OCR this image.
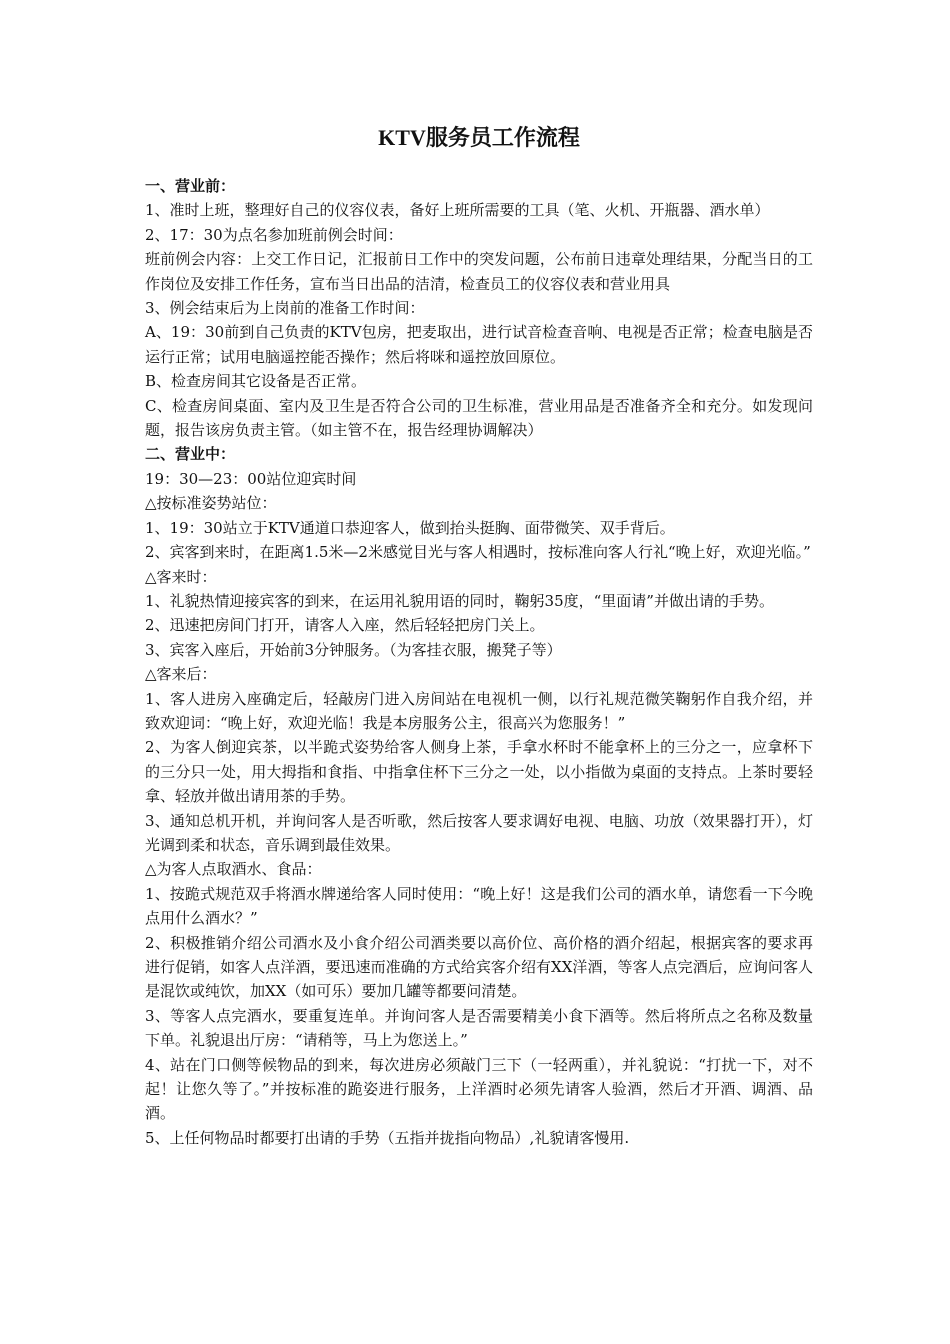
KTV服务员工作流程

一、营业前：

1、准时上班，整理好自己的仪容仪表，备好上班所需要的工具（笔、火机、开瓶器、酒水单）

2、17：30为点名参加班前例会时间：

班前例会内容：上交工作日记，汇报前日工作中的突发问题，公布前日违章处理结果，分配当日的工作岗位及安排工作任务，宣布当日出品的洁清，检查员工的仪容仪表和营业用具

3、例会结束后为上岗前的准备工作时间：

A、19：30前到自己负责的KTV包房，把麦取出，进行试音检查音响、电视是否正常；检查电脑是否运行正常；试用电脑遥控能否操作；然后将咪和遥控放回原位。

B、检查房间其它设备是否正常。

C、检查房间桌面、室内及卫生是否符合公司的卫生标准，营业用品是否准备齐全和充分。如发现问题，报告该房负责主管。（如主管不在，报告经理协调解决）

二、营业中：

19：30—23：00站位迎宾时间

△按标准姿势站位：

1、19：30站立于KTV通道口恭迎客人，做到抬头挺胸、面带微笑、双手背后。

2、宾客到来时，在距离1.5米—2米感觉目光与客人相遇时，按标准向客人行礼“晚上好，欢迎光临。”

△客来时：

1、礼貌热情迎接宾客的到来，在运用礼貌用语的同时，鞠躬35度，“里面请”并做出请的手势。

2、迅速把房间门打开，请客人入座，然后轻轻把房门关上。

3、宾客入座后，开始前3分钟服务。（为客挂衣服，搬凳子等）

△客来后：

1、客人进房入座确定后，轻敲房门进入房间站在电视机一侧，以行礼规范微笑鞠躬作自我介绍，并致欢迎词：“晚上好，欢迎光临！我是本房服务公主，很高兴为您服务！”

2、为客人倒迎宾茶，以半跪式姿势给客人侧身上茶，手拿水杯时不能拿杯上的三分之一，应拿杯下的三分只一处，用大拇指和食指、中指拿住杯下三分之一处，以小指做为桌面的支持点。上茶时要轻拿、轻放并做出请用茶的手势。

3、通知总机开机，并询问客人是否听歌，然后按客人要求调好电视、电脑、功放（效果器打开），灯光调到柔和状态，音乐调到最佳效果。

△为客人点取酒水、食品：

1、按跪式规范双手将酒水牌递给客人同时使用：“晚上好！这是我们公司的酒水单，请您看一下今晚点用什么酒水？”

2、积极推销介绍公司酒水及小食介绍公司酒类要以高价位、高价格的酒介绍起，根据宾客的要求再进行促销，如客人点洋酒，要迅速而准确的方式给宾客介绍有XX洋酒，等客人点完酒后，应询问客人是混饮或纯饮，加XX（如可乐）要加几罐等都要问清楚。

3、等客人点完酒水，要重复连单。并询问客人是否需要精美小食下酒等。然后将所点之名称及数量下单。礼貌退出厅房：“请稍等，马上为您送上。”

4、站在门口侧等候物品的到来，每次进房必须敲门三下（一轻两重），并礼貌说：“打扰一下，对不起！让您久等了。”并按标准的跪姿进行服务，上洋酒时必须先请客人验酒，然后才开酒、调酒、品酒。

5、上任何物品时都要打出请的手势（五指并拢指向物品）,礼貌请客慢用.
